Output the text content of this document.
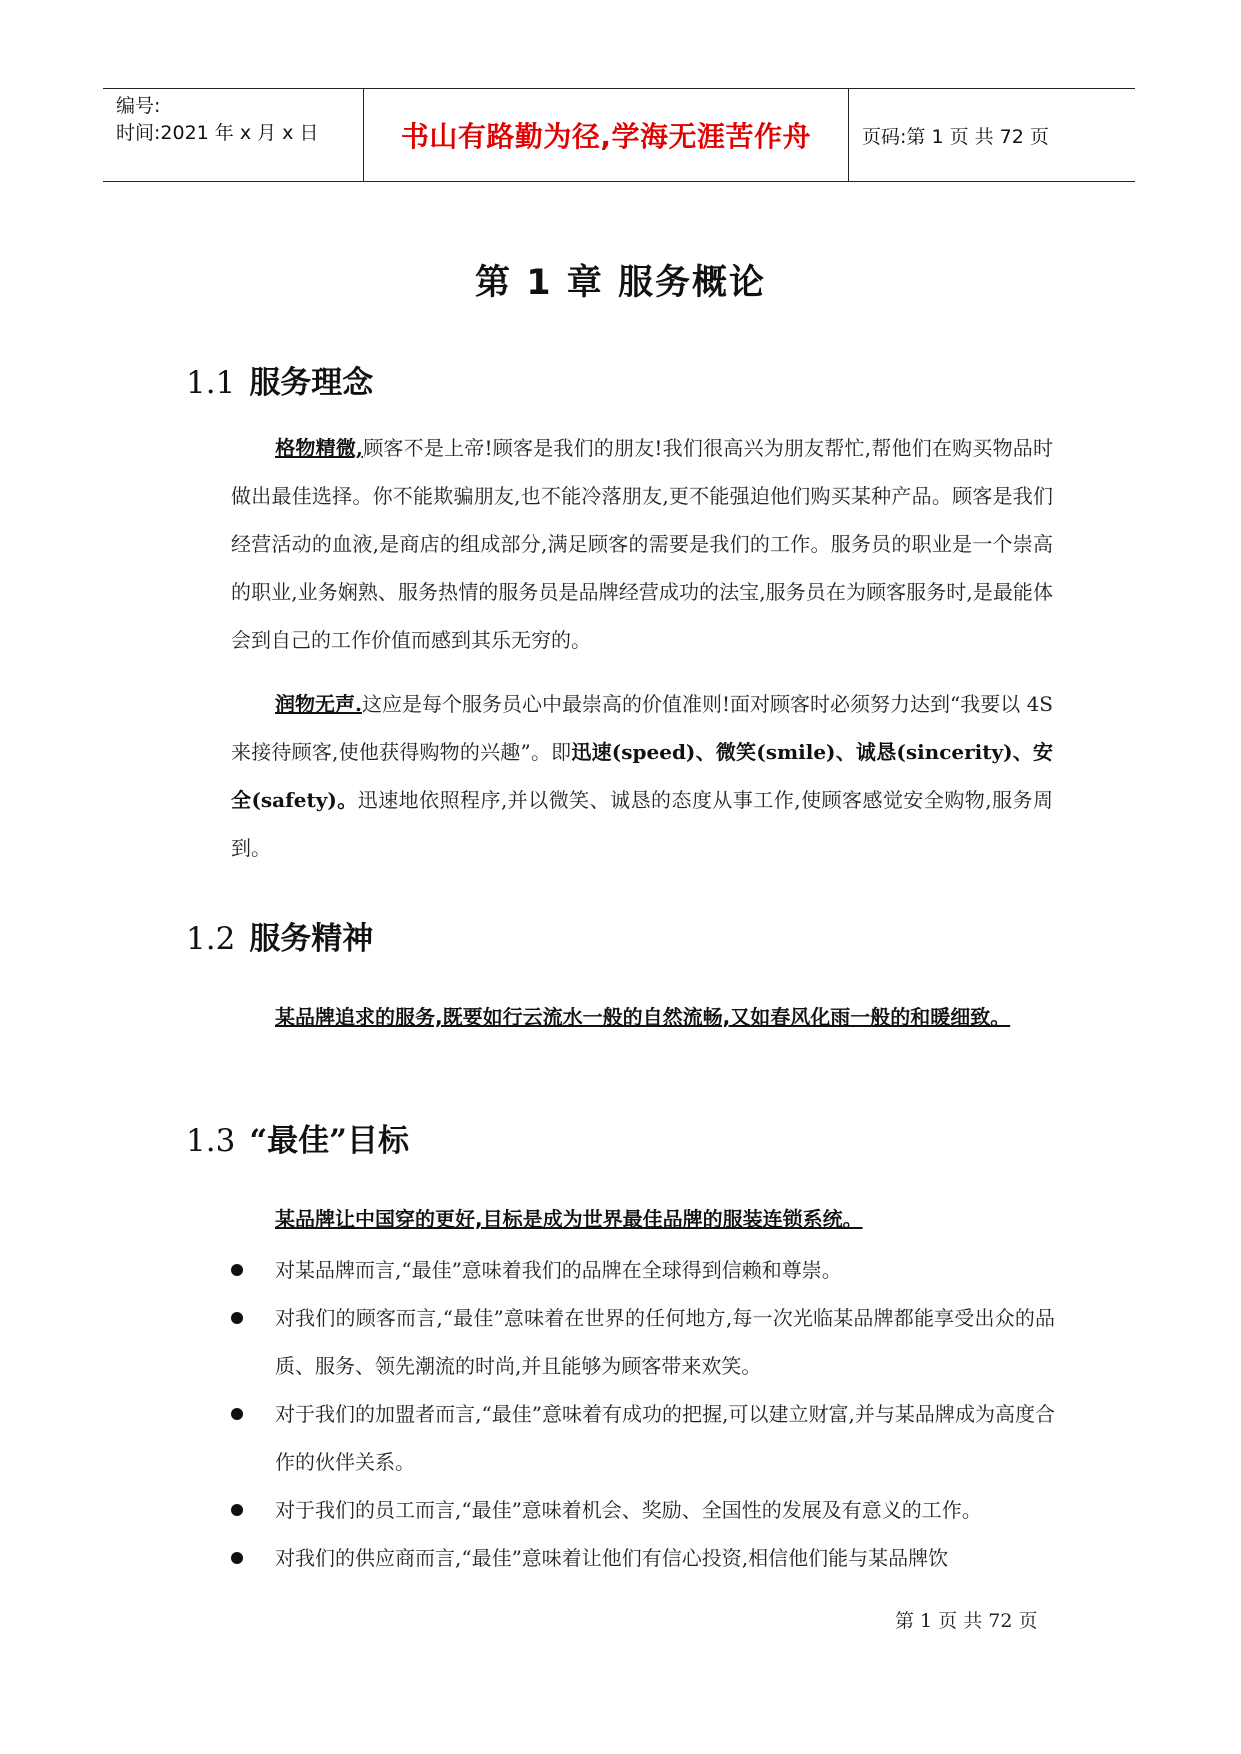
编号:
时间:2021 年 x 月 x 日	书山有路勤为径,学海无涯苦作舟	页码:第 1 页 共 72 页
第 1 章 服务概论
1.1 服务理念
格物精微,顾客不是上帝!顾客是我们的朋友!我们很高兴为朋友帮忙,帮他们在购买物品时做出最佳选择。你不能欺骗朋友,也不能冷落朋友,更不能强迫他们购买某种产品。顾客是我们经营活动的血液,是商店的组成部分,满足顾客的需要是我们的工作。服务员的职业是一个崇高的职业,业务娴熟、服务热情的服务员是品牌经营成功的法宝,服务员在为顾客服务时,是最能体会到自己的工作价值而感到其乐无穷的。
润物无声.这应是每个服务员心中最崇高的价值准则!面对顾客时必须努力达到“我要以 4S 来接待顾客,使他获得购物的兴趣”。即迅速(speed)、微笑(smile)、诚恳(sincerity)、安全(safety)。迅速地依照程序,并以微笑、诚恳的态度从事工作,使顾客感觉安全购物,服务周到。
1.2 服务精神
某品牌追求的服务,既要如行云流水一般的自然流畅,又如春风化雨一般的和暖细致。
1.3 “最佳”目标
某品牌让中国穿的更好,目标是成为世界最佳品牌的服装连锁系统。
对某品牌而言,“最佳”意味着我们的品牌在全球得到信赖和尊崇。
对我们的顾客而言,“最佳”意味着在世界的任何地方,每一次光临某品牌都能享受出众的品质、服务、领先潮流的时尚,并且能够为顾客带来欢笑。
对于我们的加盟者而言,“最佳”意味着有成功的把握,可以建立财富,并与某品牌成为高度合作的伙伴关系。
对于我们的员工而言,“最佳”意味着机会、奖励、全国性的发展及有意义的工作。
对我们的供应商而言,“最佳”意味着让他们有信心投资,相信他们能与某品牌饮
第 1 页 共 72 页
